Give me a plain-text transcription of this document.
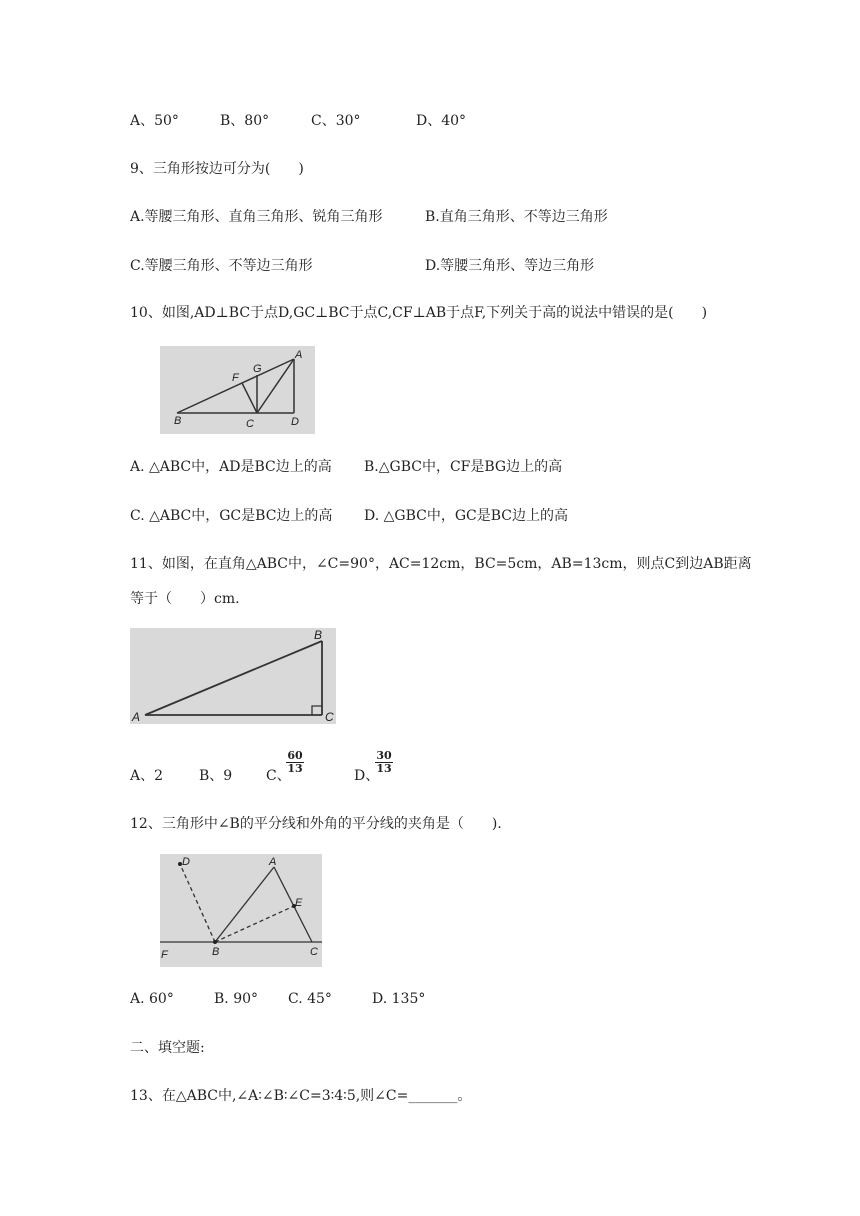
A、50°	B、80°	C、30°	D、40°
9、三角形按边可分为(　　)
A.等腰三角形、直角三角形、锐角三角形	B.直角三角形、不等边三角形
C.等腰三角形、不等边三角形	D.等腰三角形、等边三角形
10、如图,AD⊥BC于点D,GC⊥BC于点C,CF⊥AB于点F,下列关于高的说法中错误的是(　　)
A
B	C	D
F
G
A. △ABC中，AD是BC边上的高 B.△GBC中，CF是BG边上的高
C. △ABC中，GC是BC边上的高 D. △GBC中，GC是BC边上的高
11、如图，在直角△ABC中，∠C=90°，AC=12cm，BC=5cm，AB=13cm，则点C到边AB距离
等于（　　）cm.
A
B
C
A、2	B、9 C、
$\frac{60}{13}$
D、
$\frac{30}{13}$
12、三角形中∠B的平分线和外角的平分线的夹角是（　　).
A
B	C
D
E
F
A. 60°	B. 90° C. 45°	D. 135°
二、填空题:
13、在△ABC中,∠A∶∠B∶∠C=3∶4∶5,则∠C=_______。
